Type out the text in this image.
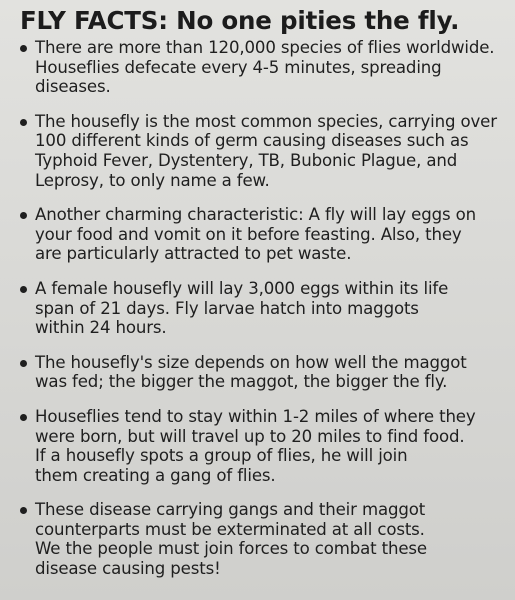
FLY FACTS: No one pities the fly.
There are more than 120,000 species of flies worldwide.
Houseflies defecate every 4-5 minutes, spreading
diseases.
The housefly is the most common species, carrying over
100 different kinds of germ causing diseases such as
Typhoid Fever, Dystentery, TB, Bubonic Plague, and
Leprosy, to only name a few.
Another charming characteristic: A fly will lay eggs on
your food and vomit on it before feasting. Also, they
are particularly attracted to pet waste.
A female housefly will lay 3,000 eggs within its life
span of 21 days. Fly larvae hatch into maggots
within 24 hours.
The housefly's size depends on how well the maggot
was fed; the bigger the maggot, the bigger the fly.
Houseflies tend to stay within 1-2 miles of where they
were born, but will travel up to 20 miles to find food.
If a housefly spots a group of flies, he will join
them creating a gang of flies.
These disease carrying gangs and their maggot
counterparts must be exterminated at all costs.
We the people must join forces to combat these
disease causing pests!
